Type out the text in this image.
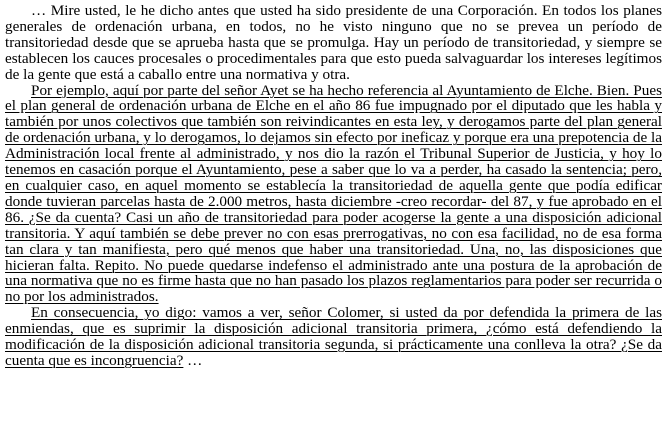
… Mire usted, le he dicho antes que usted ha sido presidente de una Corporación. En todos los planes generales de ordenación urbana, en todos, no he visto ninguno que no se prevea un período de transitoriedad desde que se aprueba hasta que se promulga. Hay un período de transitoriedad, y siempre se establecen los cauces procesales o procedimentales para que esto pueda salvaguardar los intereses legítimos de la gente que está a caballo entre una normativa y otra.

Por ejemplo, aquí por parte del señor Ayet se ha hecho referencia al Ayuntamiento de Elche. Bien. Pues el plan general de ordenación urbana de Elche en el año 86 fue impugnado por el diputado que les habla y también por unos colectivos que también son reivindicantes en esta ley, y derogamos parte del plan general de ordenación urbana, y lo derogamos, lo dejamos sin efecto por ineficaz y porque era una prepotencia de la Administración local frente al administrado, y nos dio la razón el Tribunal Superior de Justicia, y hoy lo tenemos en casación porque el Ayuntamiento, pese a saber que lo va a perder, ha casado la sentencia; pero, en cualquier caso, en aquel momento se establecía la transitoriedad de aquella gente que podía edificar donde tuvieran parcelas hasta de 2.000 metros, hasta diciembre -creo recordar- del 87, y fue aprobado en el 86. ¿Se da cuenta? Casi un año de transitoriedad para poder acogerse la gente a una disposición adicional transitoria. Y aquí también se debe prever no con esas prerrogativas, no con esa facilidad, no de esa forma tan clara y tan manifiesta, pero qué menos que haber una transitoriedad. Una, no, las disposiciones que hicieran falta. Repito. No puede quedarse indefenso el administrado ante una postura de la aprobación de una normativa que no es firme hasta que no han pasado los plazos reglamentarios para poder ser recurrida o no por los administrados.

En consecuencia, yo digo: vamos a ver, señor Colomer, si usted da por defendida la primera de las enmiendas, que es suprimir la disposición adicional transitoria primera, ¿cómo está defendiendo la modificación de la disposición adicional transitoria segunda, si prácticamente una conlleva la otra? ¿Se da cuenta que es incongruencia? …
